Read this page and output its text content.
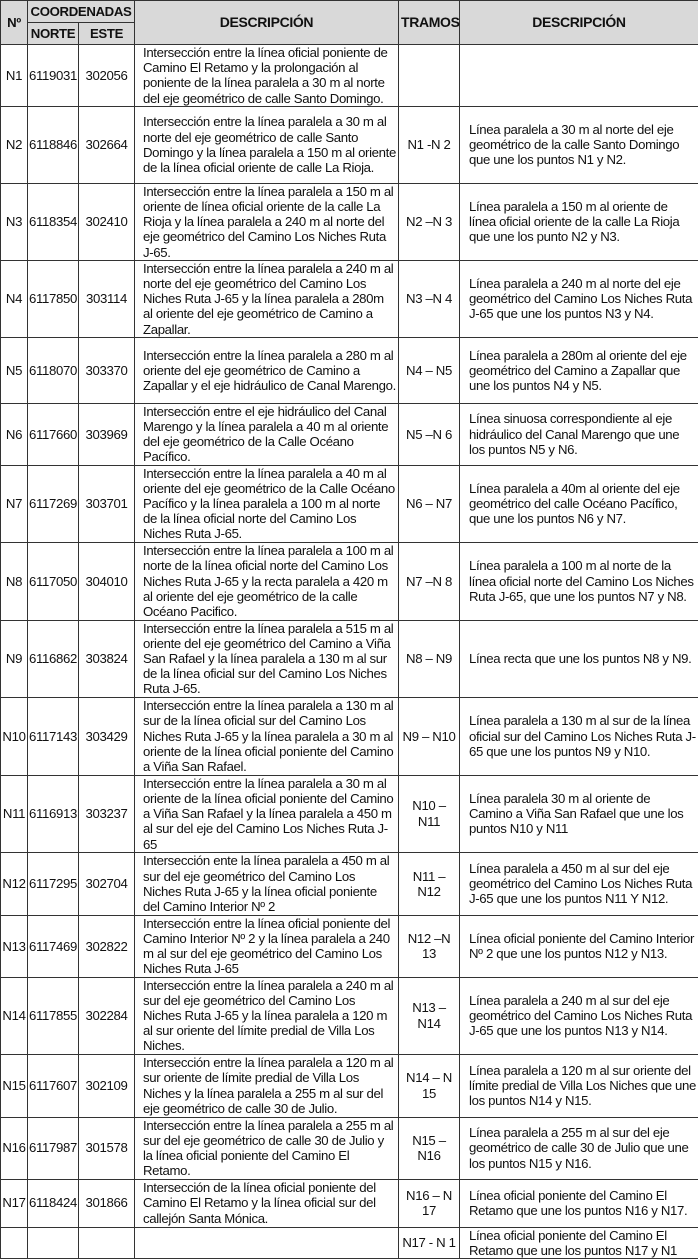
Nº	COORDENADAS		DESCRIPCIÓN	TRAMOS	DESCRIPCIÓN
	NORTE	ESTE			
N1	6119031	302056	Intersección entre la línea oficial poniente de Camino El Retamo y la prolongación al poniente de la línea paralela a 30 m al norte del eje geométrico de calle Santo Domingo.		
N2	6118846	302664	Intersección entre la línea paralela a 30 m al norte del eje geométrico de calle Santo Domingo y la línea paralela a 150 m al oriente de la línea oficial oriente de calle La Rioja.	N1 -N 2	Línea paralela a 30 m al norte del eje geométrico de la calle Santo Domingo que une los puntos N1 y N2.
N3	6118354	302410	Intersección entre la línea paralela a 150 m al oriente de línea oficial oriente de la calle La Rioja y la línea paralela a 240 m al norte del eje geométrico del Camino Los Niches Ruta J-65.	N2 –N 3	Línea paralela a 150 m al oriente de línea oficial oriente de la calle La Rioja que une los punto N2 y N3.
N4	6117850	303114	Intersección entre la línea paralela a 240 m al norte del eje geométrico del Camino Los Niches Ruta J-65 y la línea paralela a 280m al oriente del eje geométrico de Camino a Zapallar.	N3 –N 4	Línea paralela a 240 m al norte del eje geométrico del Camino Los Niches Ruta J-65 que une los puntos N3 y N4.
N5	6118070	303370	Intersección entre la línea paralela a 280 m al oriente del eje geométrico de Camino a Zapallar y el eje hidráulico de Canal Marengo.	N4 – N5	Línea paralela a 280m al oriente del eje geométrico del Camino a Zapallar que une los puntos N4 y N5.
N6	6117660	303969	Intersección entre el eje hidráulico del Canal Marengo y la línea paralela a 40 m al oriente del eje geométrico de la Calle Océano Pacífico.	N5 –N 6	Línea sinuosa correspondiente al eje hidráulico del Canal Marengo que une los puntos N5 y N6.
N7	6117269	303701	Intersección entre la línea paralela a 40 m al oriente del eje geométrico de la Calle Océano Pacífico y la línea paralela a 100 m al norte de la línea oficial norte del Camino Los Niches Ruta J-65.	N6 – N7	Línea paralela a 40m al oriente del eje geométrico del calle Océano Pacífico, que une los puntos N6 y N7.
N8	6117050	304010	Intersección entre la línea paralela a 100 m al norte de la línea oficial norte del Camino Los Niches Ruta J-65 y la recta paralela a 420 m al oriente del eje geométrico de la calle Océano Pacifico.	N7 –N 8	Línea paralela a 100 m al norte de la línea oficial norte del Camino Los Niches Ruta J-65, que une los puntos N7 y N8.
N9	6116862	303824	Intersección entre la línea paralela a 515 m al oriente del eje geométrico del Camino a Viña San Rafael y la línea paralela a 130 m al sur de la línea oficial sur del Camino Los Niches Ruta J-65.	N8 – N9	Línea recta que une los puntos N8 y N9.
N10	6117143	303429	Intersección entre la línea paralela a 130 m al sur de la línea oficial sur del Camino Los Niches Ruta J-65 y la línea paralela a 30 m al oriente de la línea oficial poniente del Camino a Viña San Rafael.	N9 – N10	Línea paralela a 130 m al sur de la línea oficial sur del Camino Los Niches Ruta J-65 que une los puntos N9 y N10.
N11	6116913	303237	Intersección entre la línea paralela a 30 m al oriente de la línea oficial poniente del Camino a Viña San Rafael y la línea paralela a 450 m al sur del eje del Camino Los Niches Ruta J-65	N10 – N11	Línea paralela 30 m al oriente de Camino a Viña San Rafael que une los puntos N10 y N11
N12	6117295	302704	Intersección ente la línea paralela a 450 m al sur del eje geométrico del Camino Los Niches Ruta J-65 y la línea oficial poniente del Camino Interior Nº 2	N11 – N12	Línea paralela a 450 m al sur del eje geométrico del Camino Los Niches Ruta J-65 que une los puntos N11 Y N12.
N13	6117469	302822	Intersección entre la línea oficial poniente del Camino Interior Nº 2 y la línea paralela a 240 m al sur del eje geométrico del Camino Los Niches Ruta J-65	N12 –N 13	Línea oficial poniente del Camino Interior Nº 2 que une los puntos N12 y N13.
N14	6117855	302284	Intersección entre la línea paralela a 240 m al sur del eje geométrico del Camino Los Niches Ruta J-65 y la línea paralela a 120 m al sur oriente del límite predial de Villa Los Niches.	N13 – N14	Línea paralela a 240 m al sur del eje geométrico del Camino Los Niches Ruta J-65 que une los puntos N13 y N14.
N15	6117607	302109	Intersección entre la línea paralela a 120 m al sur oriente de límite predial de Villa Los Niches y la línea paralela a 255 m al sur del eje geométrico de calle 30 de Julio.	N14 – N 15	Línea paralela a 120 m al sur oriente del límite predial de Villa Los Niches que une los puntos N14 y N15.
N16	6117987	301578	Intersección entre la línea paralela a 255 m al sur del eje geométrico de calle 30 de Julio y la línea oficial poniente del Camino El Retamo.	N15 – N16	Línea paralela a 255 m al sur del eje geométrico de calle 30 de Julio que une los puntos N15 y N16.
N17	6118424	301866	Intersección de la línea oficial poniente del Camino El Retamo y la línea oficial sur del callejón Santa Mónica.	N16 – N 17	Línea oficial poniente del Camino El Retamo que une los puntos N16 y N17.
				N17 - N 1	Línea oficial poniente del Camino El Retamo que une los puntos N17 y N1
